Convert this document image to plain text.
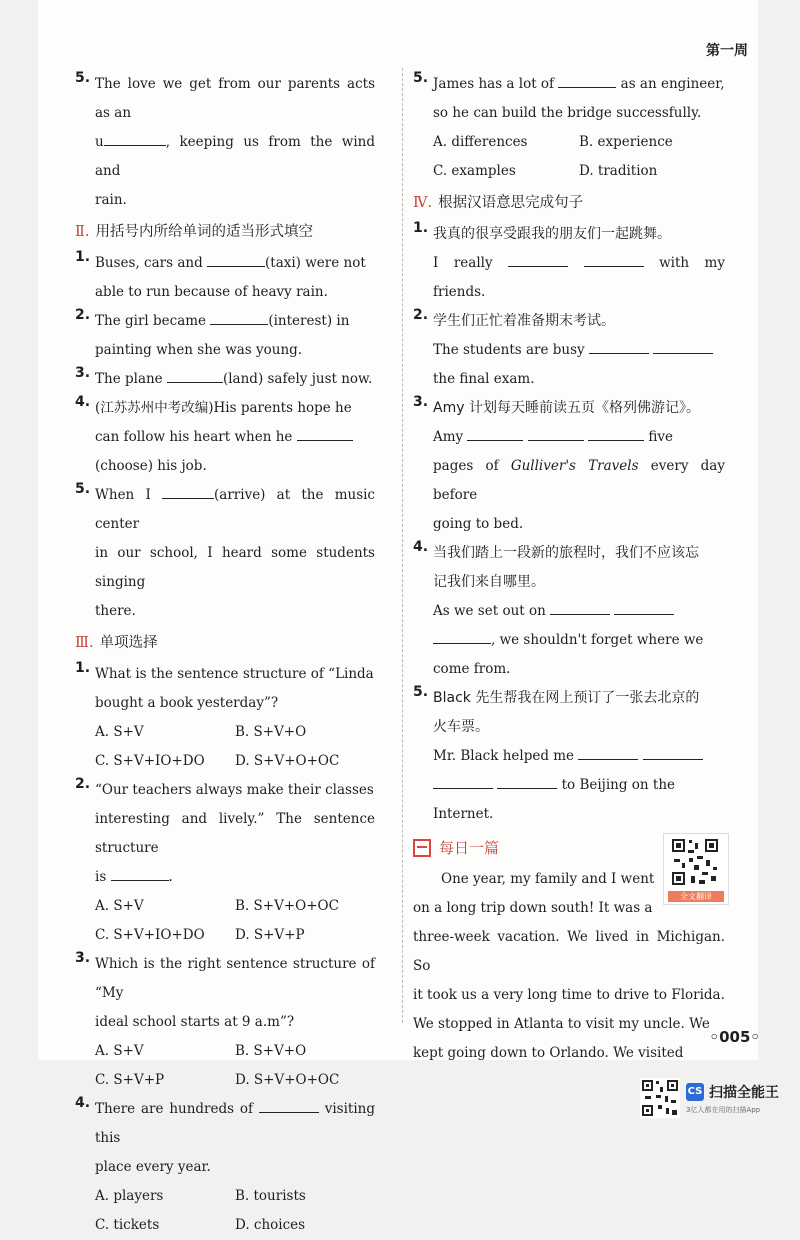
第一周
5. The love we get from our parents acts as an
u	, keeping us from the wind and
rain.
Ⅱ. 用括号内所给单词的适当形式填空
1. Buses, cars and	(taxi) were not
able to run because of heavy rain.
2. The girl became	(interest) in
painting when she was young.
3. The plane	(land) safely just now.
4. (江苏苏州中考改编)His parents hope he
can follow his heart when he
(choose) his job.
5. When I	(arrive) at the music center
in our school, I heard some students singing
there.
Ⅲ. 单项选择
1. What is the sentence structure of “Linda
bought a book yesterday”?
A. S+V	B. S+V+O
C. S+V+IO+DO	D. S+V+O+OC
2. “Our teachers always make their classes
interesting and lively.” The sentence structure
is	.
A. S+V	B. S+V+O+OC
C. S+V+IO+DO	D. S+V+P
3. Which is the right sentence structure of “My
ideal school starts at 9 a.m”?
A. S+V	B. S+V+O
C. S+V+P	D. S+V+O+OC
4. There are hundreds of	visiting this
place every year.
A. players	B. tourists
C. tickets	D. choices
5. James has a lot of	as an engineer,
so he can build the bridge successfully.
A. differences	B. experience
C. examples	D. tradition
Ⅳ. 根据汉语意思完成句子
1. 我真的很享受跟我的朋友们一起跳舞。
I really	with my friends.
2. 学生们正忙着准备期末考试。
The students are busy
the final exam.
3. Amy 计划每天睡前读五页《格列佛游记》。
Amy	five
pages of Gulliver's Travels every day before
going to bed.
4. 当我们踏上一段新的旅程时，我们不应该忘
记我们来自哪里。
As we set out on
, we shouldn't forget where we
come from.
5. Black 先生帮我在网上预订了一张去北京的
火车票。
Mr. Black helped me
to Beijing on the
Internet.
每日一篇
全文翻译
One year, my family and I went
on a long trip down south! It was a
three-week vacation. We lived in Michigan. So
it took us a very long time to drive to Florida.
We stopped in Atlanta to visit my uncle. We
kept going down to Orlando. We visited
◦005◦
CS 扫描全能王
3亿人都在用的扫描App
